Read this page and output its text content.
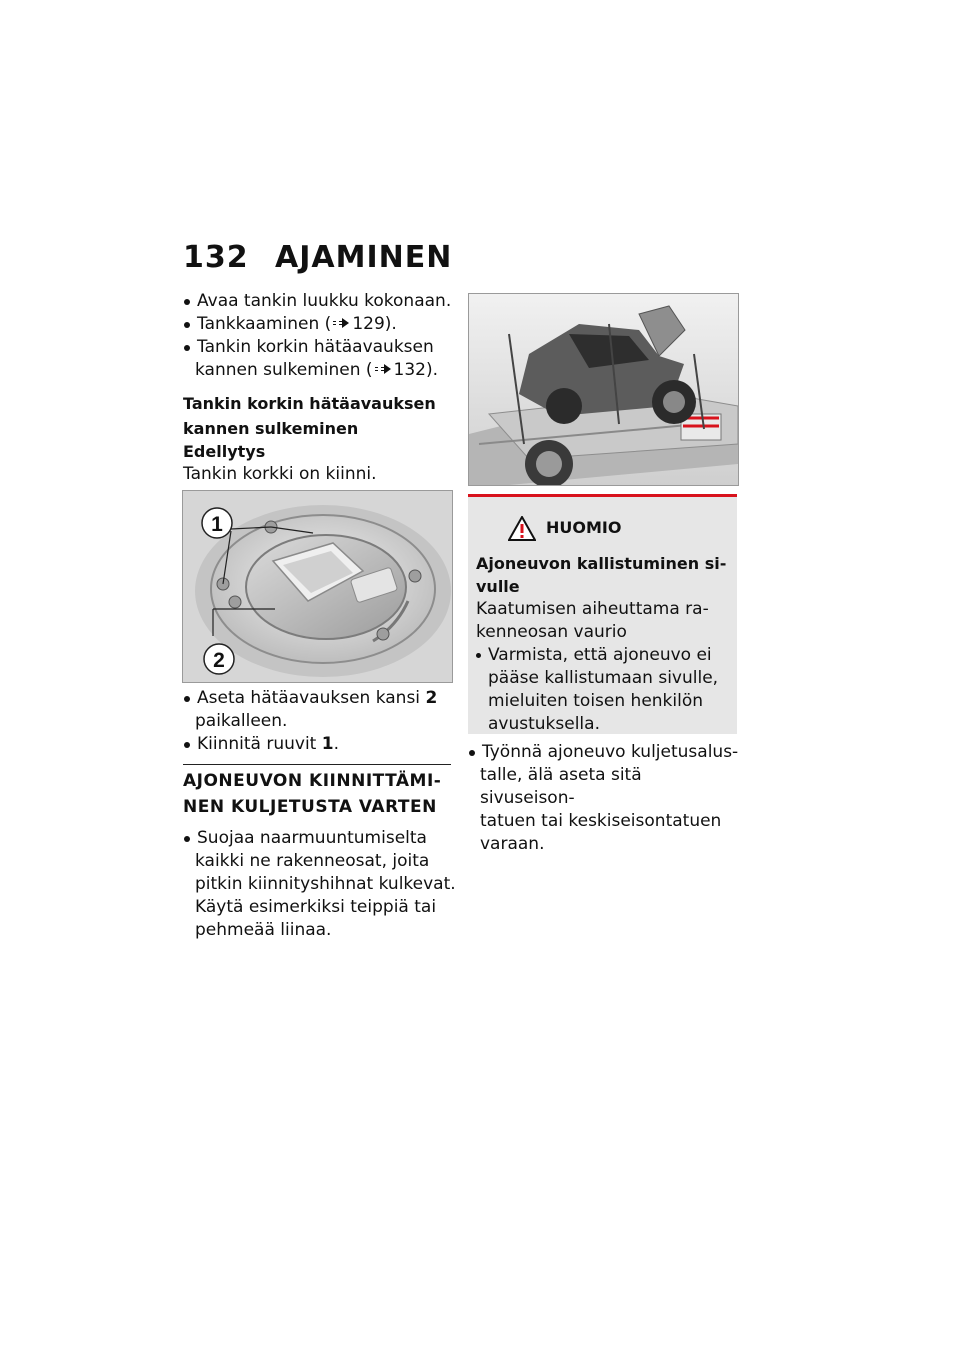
132 AJAMINEN
Avaa tankin luukku kokonaan.
Tankkaaminen ( 129).
Tankin korkin hätäavauksen
kannen sulkeminen ( 132).
Tankin korkin hätäavauksen
kannen sulkeminen
Edellytys
Tankin korkki on kiinni.
1
2
Aseta hätäavauksen kansi 2
paikalleen.
Kiinnitä ruuvit 1.
AJONEUVON KIINNITTÄMI-
NEN KULJETUSTA VARTEN
Suojaa naarmuuntumiselta
kaikki ne rakenneosat, joita
pitkin kiinnityshihnat kulkevat.
Käytä esimerkiksi teippiä tai
pehmeää liinaa.
HUOMIO
Ajoneuvon kallistuminen si-
vulle
Kaatumisen aiheuttama ra-
kenneosan vaurio
Varmista, että ajoneuvo ei
pääse kallistumaan sivulle,
mieluiten toisen henkilön
avustuksella.
Työnnä ajoneuvo kuljetusalus-
talle, älä aseta sitä sivuseison-
tatuen tai keskiseisontatuen
varaan.
